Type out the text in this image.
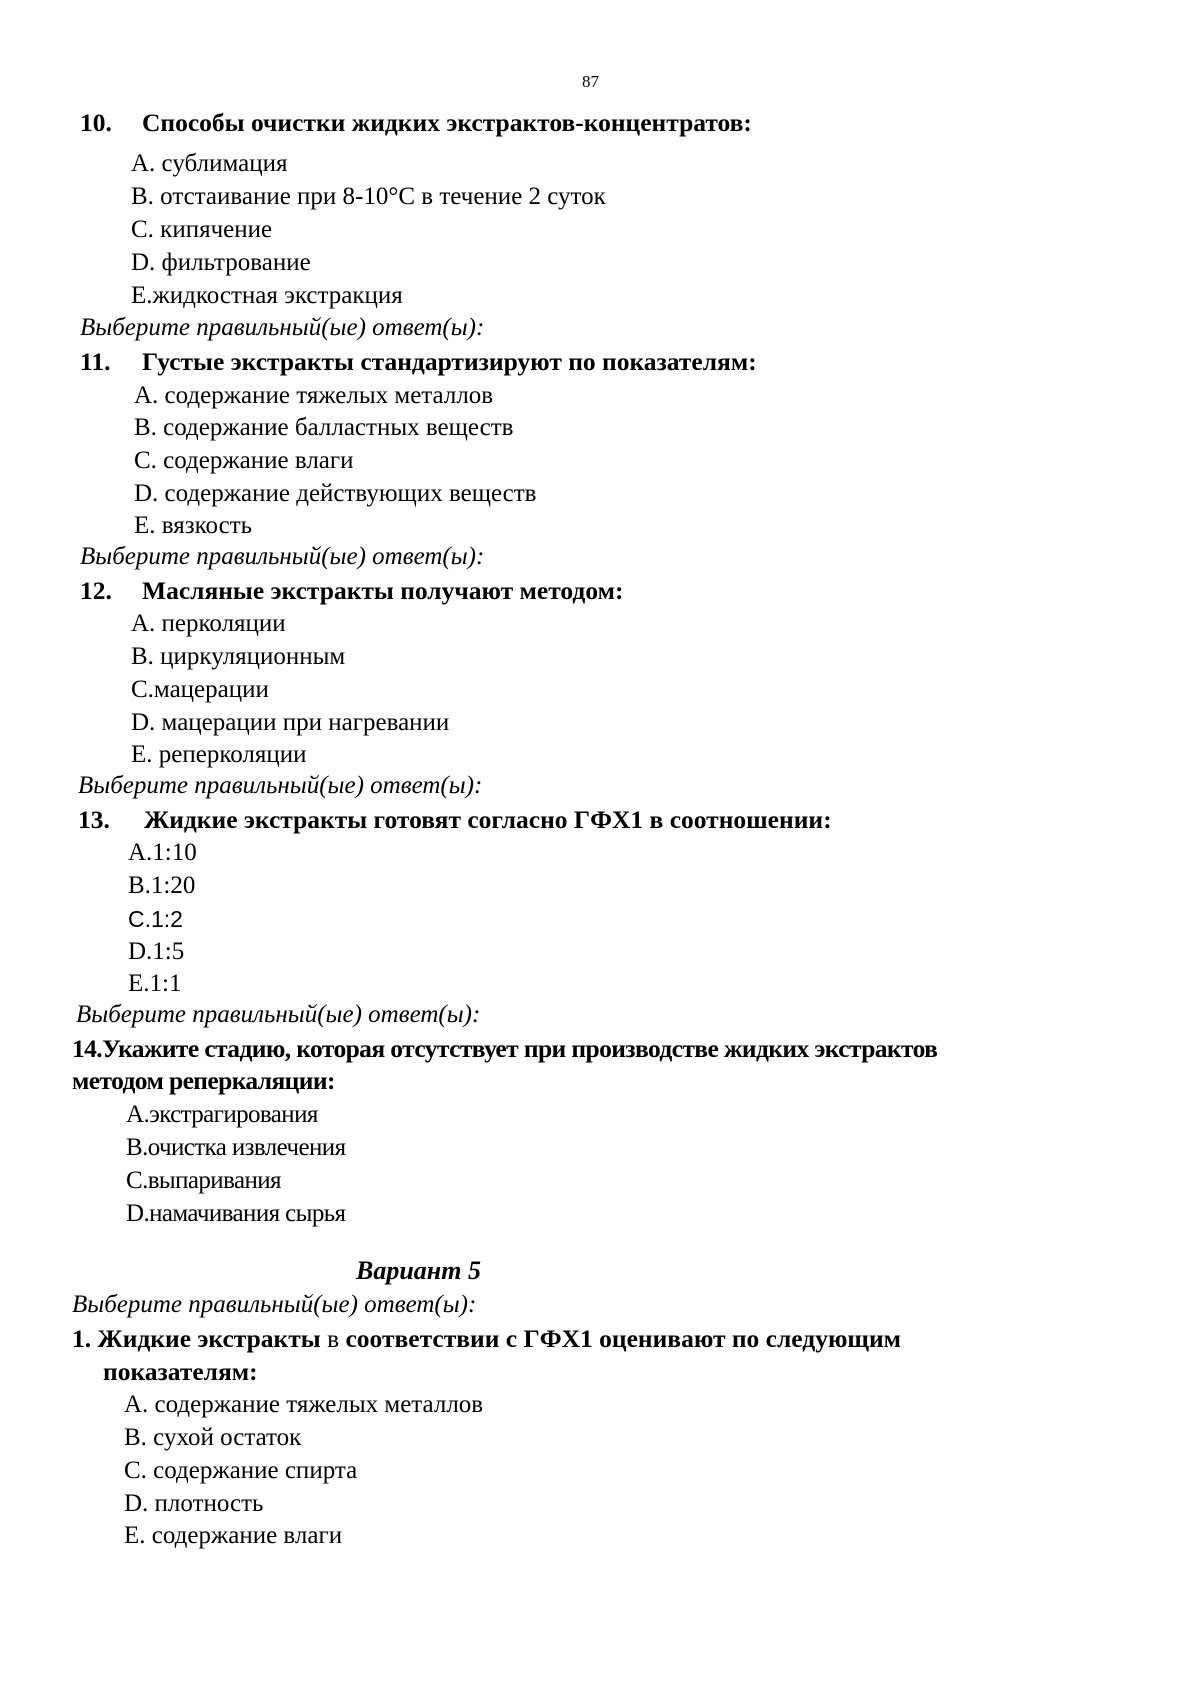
87
10. Способы очистки жидких экстрактов-концентратов:
А. сублимация
В. отстаивание при 8-10°С в течение 2 суток
С. кипячение
D. фильтрование
Е.жидкостная экстракция
Выберите правильный(ые) ответ(ы):
11. Густые экстракты стандартизируют по показателям:
А. содержание тяжелых металлов
В. содержание балластных веществ
С. содержание влаги
D. содержание действующих веществ
Е. вязкость
Выберите правильный(ые) ответ(ы):
12. Масляные экстракты получают методом:
А. перколяции
В. циркуляционным
С.мацерации
D. мацерации при нагревании
Е. реперколяции
Выберите правильный(ые) ответ(ы):
13. Жидкие экстракты готовят согласно ГФХ1 в соотношении:
А.1:10
В.1:20
С.1:2
D.1:5
Е.1:1
Выберите правильный(ые) ответ(ы):
14.Укажите стадию, которая отсутствует при производстве жидких экстрактов
методом реперкаляции:
А.экстрагирования
В.очистка извлечения
С.выпаривания
D.намачивания сырья
Вариант 5
Выберите правильный(ые) ответ(ы):
1. Жидкие экстракты в соответствии с ГФХ1 оценивают по следующим
показателям:
А. содержание тяжелых металлов
В. сухой остаток
С. содержание спирта
D. плотность
Е. содержание влаги
